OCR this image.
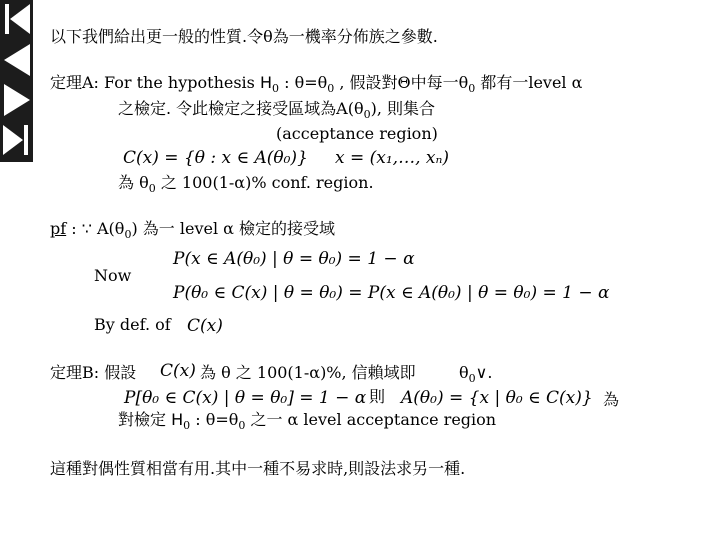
以下我們給出更一般的性質.令θ為一機率分佈族之參數.
定理A: For the hypothesis $H_0$ : $\theta=\theta_0$ , 假設對Θ中每一$\theta_0$ 都有一level α
之檢定. 令此檢定之接受區域為$A(\theta_0)$, 則集合
(acceptance region)
C(x) = {θ : x ∈ A(θ₀)} x = (x₁,…, xₙ)
為 $\theta_0$ 之 100(1-α)% conf. region.
pf : ∵ $A(\theta_0)$ 為一 level α 檢定的接受域
Now
P(x ∈ A(θ₀) | θ = θ₀) = 1 − α
P(θ₀ ∈ C(x) | θ = θ₀) = P(x ∈ A(θ₀) | θ = θ₀) = 1 − α
By def. of C(x)
定理B: 假設 C(x) 為 θ 之 100(1-α)%, 信賴域即	$\theta_0\vee$.
P[θ₀ ∈ C(x) | θ = θ₀] = 1 − α 則 A(θ₀) = {x | θ₀ ∈ C(x)} 為
對檢定 $H_0$ : $\theta=\theta_0$ 之一 α level acceptance region
這種對偶性質相當有用.其中一種不易求時,則設法求另一種.
